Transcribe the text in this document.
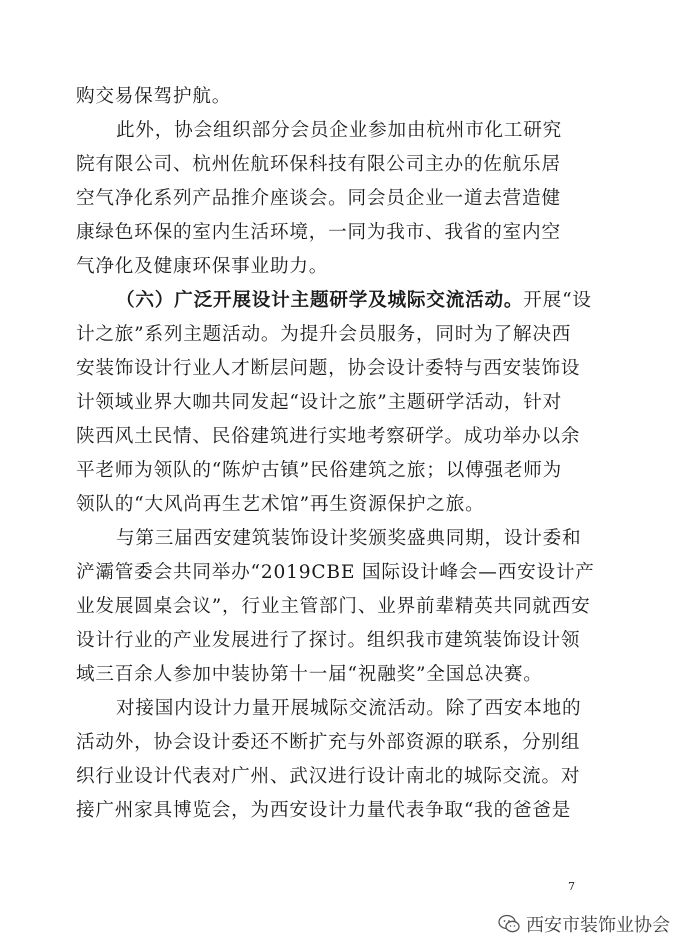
购交易保驾护航。
此外，协会组织部分会员企业参加由杭州市化工研究
院有限公司、杭州佐航环保科技有限公司主办的佐航乐居
空气净化系列产品推介座谈会。同会员企业一道去营造健
康绿色环保的室内生活环境，一同为我市、我省的室内空
气净化及健康环保事业助力。
（六）广泛开展设计主题研学及城际交流活动。开展“设
计之旅”系列主题活动。为提升会员服务，同时为了解决西
安装饰设计行业人才断层问题，协会设计委特与西安装饰设
计领域业界大咖共同发起“设计之旅”主题研学活动，针对
陕西风土民情、民俗建筑进行实地考察研学。成功举办以余
平老师为领队的“陈炉古镇”民俗建筑之旅；以傅强老师为
领队的“大风尚再生艺术馆”再生资源保护之旅。
与第三届西安建筑装饰设计奖颁奖盛典同期，设计委和
浐灞管委会共同举办“2019CBE 国际设计峰会—西安设计产
业发展圆桌会议”，行业主管部门、业界前辈精英共同就西安
设计行业的产业发展进行了探讨。组织我市建筑装饰设计领
域三百余人参加中装协第十一届“祝融奖”全国总决赛。
对接国内设计力量开展城际交流活动。除了西安本地的
活动外，协会设计委还不断扩充与外部资源的联系，分别组
织行业设计代表对广州、武汉进行设计南北的城际交流。对
接广州家具博览会，为西安设计力量代表争取“我的爸爸是
7
西安市装饰业协会
